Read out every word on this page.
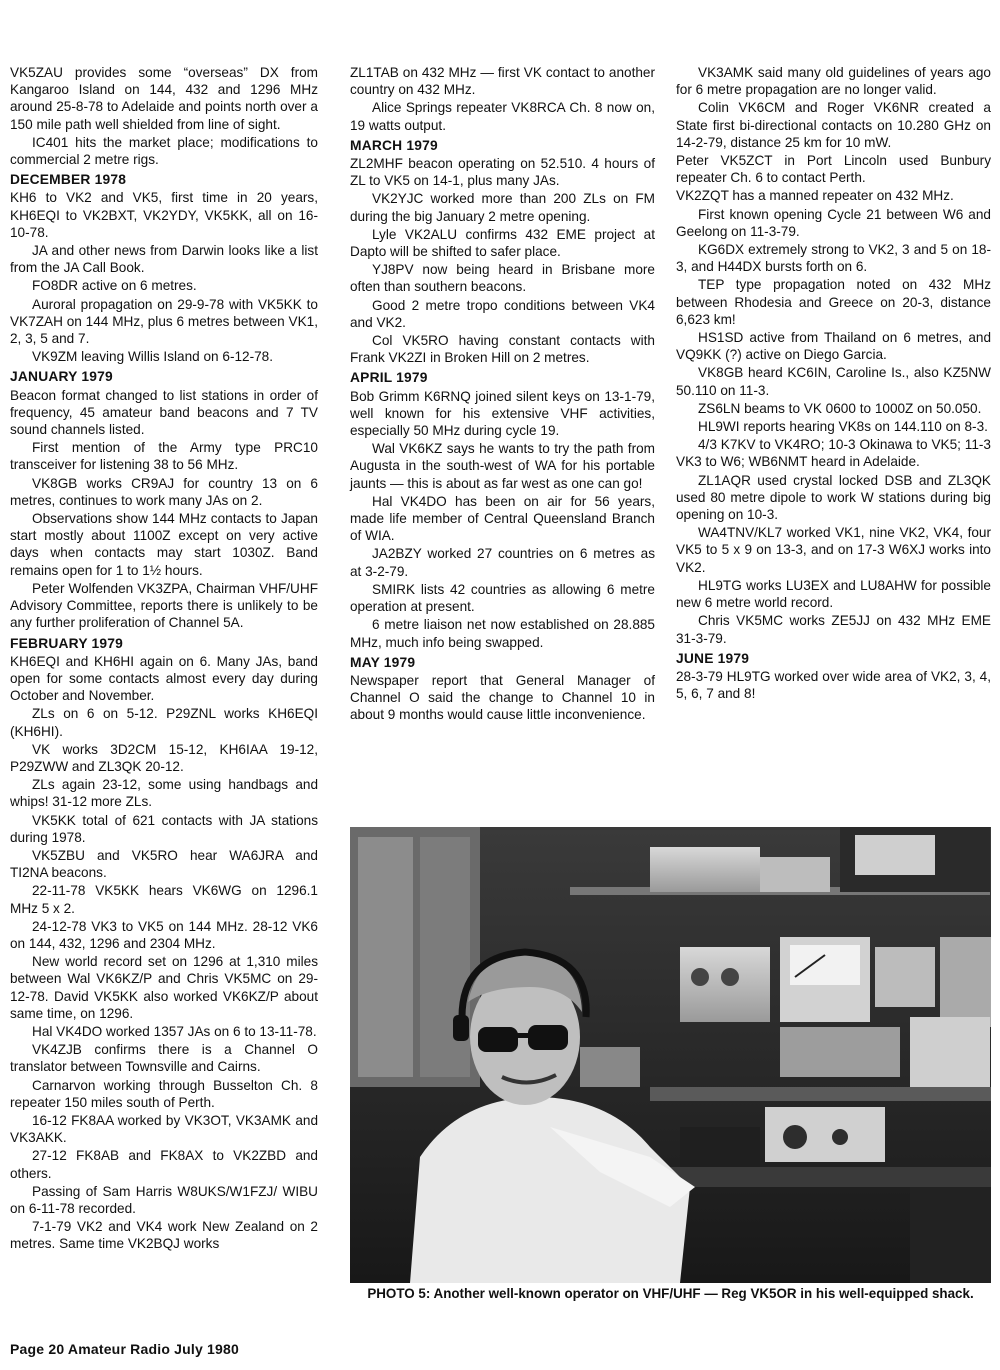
VK5ZAU provides some “overseas” DX from Kangaroo Island on 144, 432 and 1296 MHz around 25-8-78 to Adelaide and points north over a 150 mile path well shielded from line of sight.

IC401 hits the market place; modifications to commercial 2 metre rigs.

DECEMBER 1978

KH6 to VK2 and VK5, first time in 20 years, KH6EQI to VK2BXT, VK2YDY, VK5KK, all on 16-10-78.

JA and other news from Darwin looks like a list from the JA Call Book.

FO8DR active on 6 metres.

Auroral propagation on 29-9-78 with VK5KK to VK7ZAH on 144 MHz, plus 6 metres between VK1, 2, 3, 5 and 7.

VK9ZM leaving Willis Island on 6-12-78.

JANUARY 1979

Beacon format changed to list stations in order of frequency, 45 amateur band beacons and 7 TV sound channels listed.

First mention of the Army type PRC10 transceiver for listening 38 to 56 MHz.

VK8GB works CR9AJ for country 13 on 6 metres, continues to work many JAs on 2.

Observations show 144 MHz contacts to Japan start mostly about 1100Z except on very active days when contacts may start 1030Z. Band remains open for 1 to 1½ hours.

Peter Wolfenden VK3ZPA, Chairman VHF/UHF Advisory Committee, reports there is unlikely to be any further proliferation of Channel 5A.

FEBRUARY 1979

KH6EQI and KH6HI again on 6. Many JAs, band open for some contacts almost every day during October and November.

ZLs on 6 on 5-12. P29ZNL works KH6EQI (KH6HI).

VK works 3D2CM 15-12, KH6IAA 19-12, P29ZWW and ZL3QK 20-12.

ZLs again 23-12, some using handbags and whips! 31-12 more ZLs.

VK5KK total of 621 contacts with JA stations during 1978.

VK5ZBU and VK5RO hear WA6JRA and TI2NA beacons.

22-11-78 VK5KK hears VK6WG on 1296.1 MHz 5 x 2.

24-12-78 VK3 to VK5 on 144 MHz. 28-12 VK6 on 144, 432, 1296 and 2304 MHz.

New world record set on 1296 at 1,310 miles between Wal VK6KZ/P and Chris VK5MC on 29-12-78. David VK5KK also worked VK6KZ/P about same time, on 1296.

Hal VK4DO worked 1357 JAs on 6 to 13-11-78.

VK4ZJB confirms there is a Channel O translator between Townsville and Cairns.

Carnarvon working through Busselton Ch. 8 repeater 150 miles south of Perth.

16-12 FK8AA worked by VK3OT, VK3AMK and VK3AKK.

27-12 FK8AB and FK8AX to VK2ZBD and others.

Passing of Sam Harris W8UKS/W1FZJ/ WIBU on 6-11-78 recorded.

7-1-79 VK2 and VK4 work New Zealand on 2 metres. Same time VK2BQJ works

ZL1TAB on 432 MHz — first VK contact to another country on 432 MHz.

Alice Springs repeater VK8RCA Ch. 8 now on, 19 watts output.

MARCH 1979

ZL2MHF beacon operating on 52.510. 4 hours of ZL to VK5 on 14-1, plus many JAs.

VK2YJC worked more than 200 ZLs on FM during the big January 2 metre opening.

Lyle VK2ALU confirms 432 EME project at Dapto will be shifted to safer place.

YJ8PV now being heard in Brisbane more often than southern beacons.

Good 2 metre tropo conditions between VK4 and VK2.

Col VK5RO having constant contacts with Frank VK2ZI in Broken Hill on 2 metres.

APRIL 1979

Bob Grimm K6RNQ joined silent keys on 13-1-79, well known for his extensive VHF activities, especially 50 MHz during cycle 19.

Wal VK6KZ says he wants to try the path from Augusta in the south-west of WA for his portable jaunts — this is about as far west as one can go!

Hal VK4DO has been on air for 56 years, made life member of Central Queensland Branch of WIA.

JA2BZY worked 27 countries on 6 metres as at 3-2-79.

SMIRK lists 42 countries as allowing 6 metre operation at present.

6 metre liaison net now established on 28.885 MHz, much info being swapped.

MAY 1979

Newspaper report that General Manager of Channel O said the change to Channel 10 in about 9 months would cause little inconvenience.

VK3AMK said many old guidelines of years ago for 6 metre propagation are no longer valid.

Colin VK6CM and Roger VK6NR created a State first bi-directional contacts on 10.280 GHz on 14-2-79, distance 25 km for 10 mW.

Peter VK5ZCT in Port Lincoln used Bunbury repeater Ch. 6 to contact Perth.

VK2ZQT has a manned repeater on 432 MHz.

First known opening Cycle 21 between W6 and Geelong on 11-3-79.

KG6DX extremely strong to VK2, 3 and 5 on 18-3, and H44DX bursts forth on 6.

TEP type propagation noted on 432 MHz between Rhodesia and Greece on 20-3, distance 6,623 km!

HS1SD active from Thailand on 6 metres, and VQ9KK (?) active on Diego Garcia.

VK8GB heard KC6IN, Caroline Is., also KZ5NW 50.110 on 11-3.

ZS6LN beams to VK 0600 to 1000Z on 50.050.

HL9WI reports hearing VK8s on 144.110 on 8-3.

4/3 K7KV to VK4RO; 10-3 Okinawa to VK5; 11-3 VK3 to W6; WB6NMT heard in Adelaide.

ZL1AQR used crystal locked DSB and ZL3QK used 80 metre dipole to work W stations during big opening on 10-3.

WA4TNV/KL7 worked VK1, nine VK2, VK4, four VK5 to 5 x 9 on 13-3, and on 17-3 W6XJ works into VK2.

HL9TG works LU3EX and LU8AHW for possible new 6 metre world record.

Chris VK5MC works ZE5JJ on 432 MHz EME 31-3-79.

JUNE 1979

28-3-79 HL9TG worked over wide area of VK2, 3, 4, 5, 6, 7 and 8!

PHOTO 5: Another well-known operator on VHF/UHF — Reg VK5OR in his well-equipped shack.
Page 20 Amateur Radio July 1980
